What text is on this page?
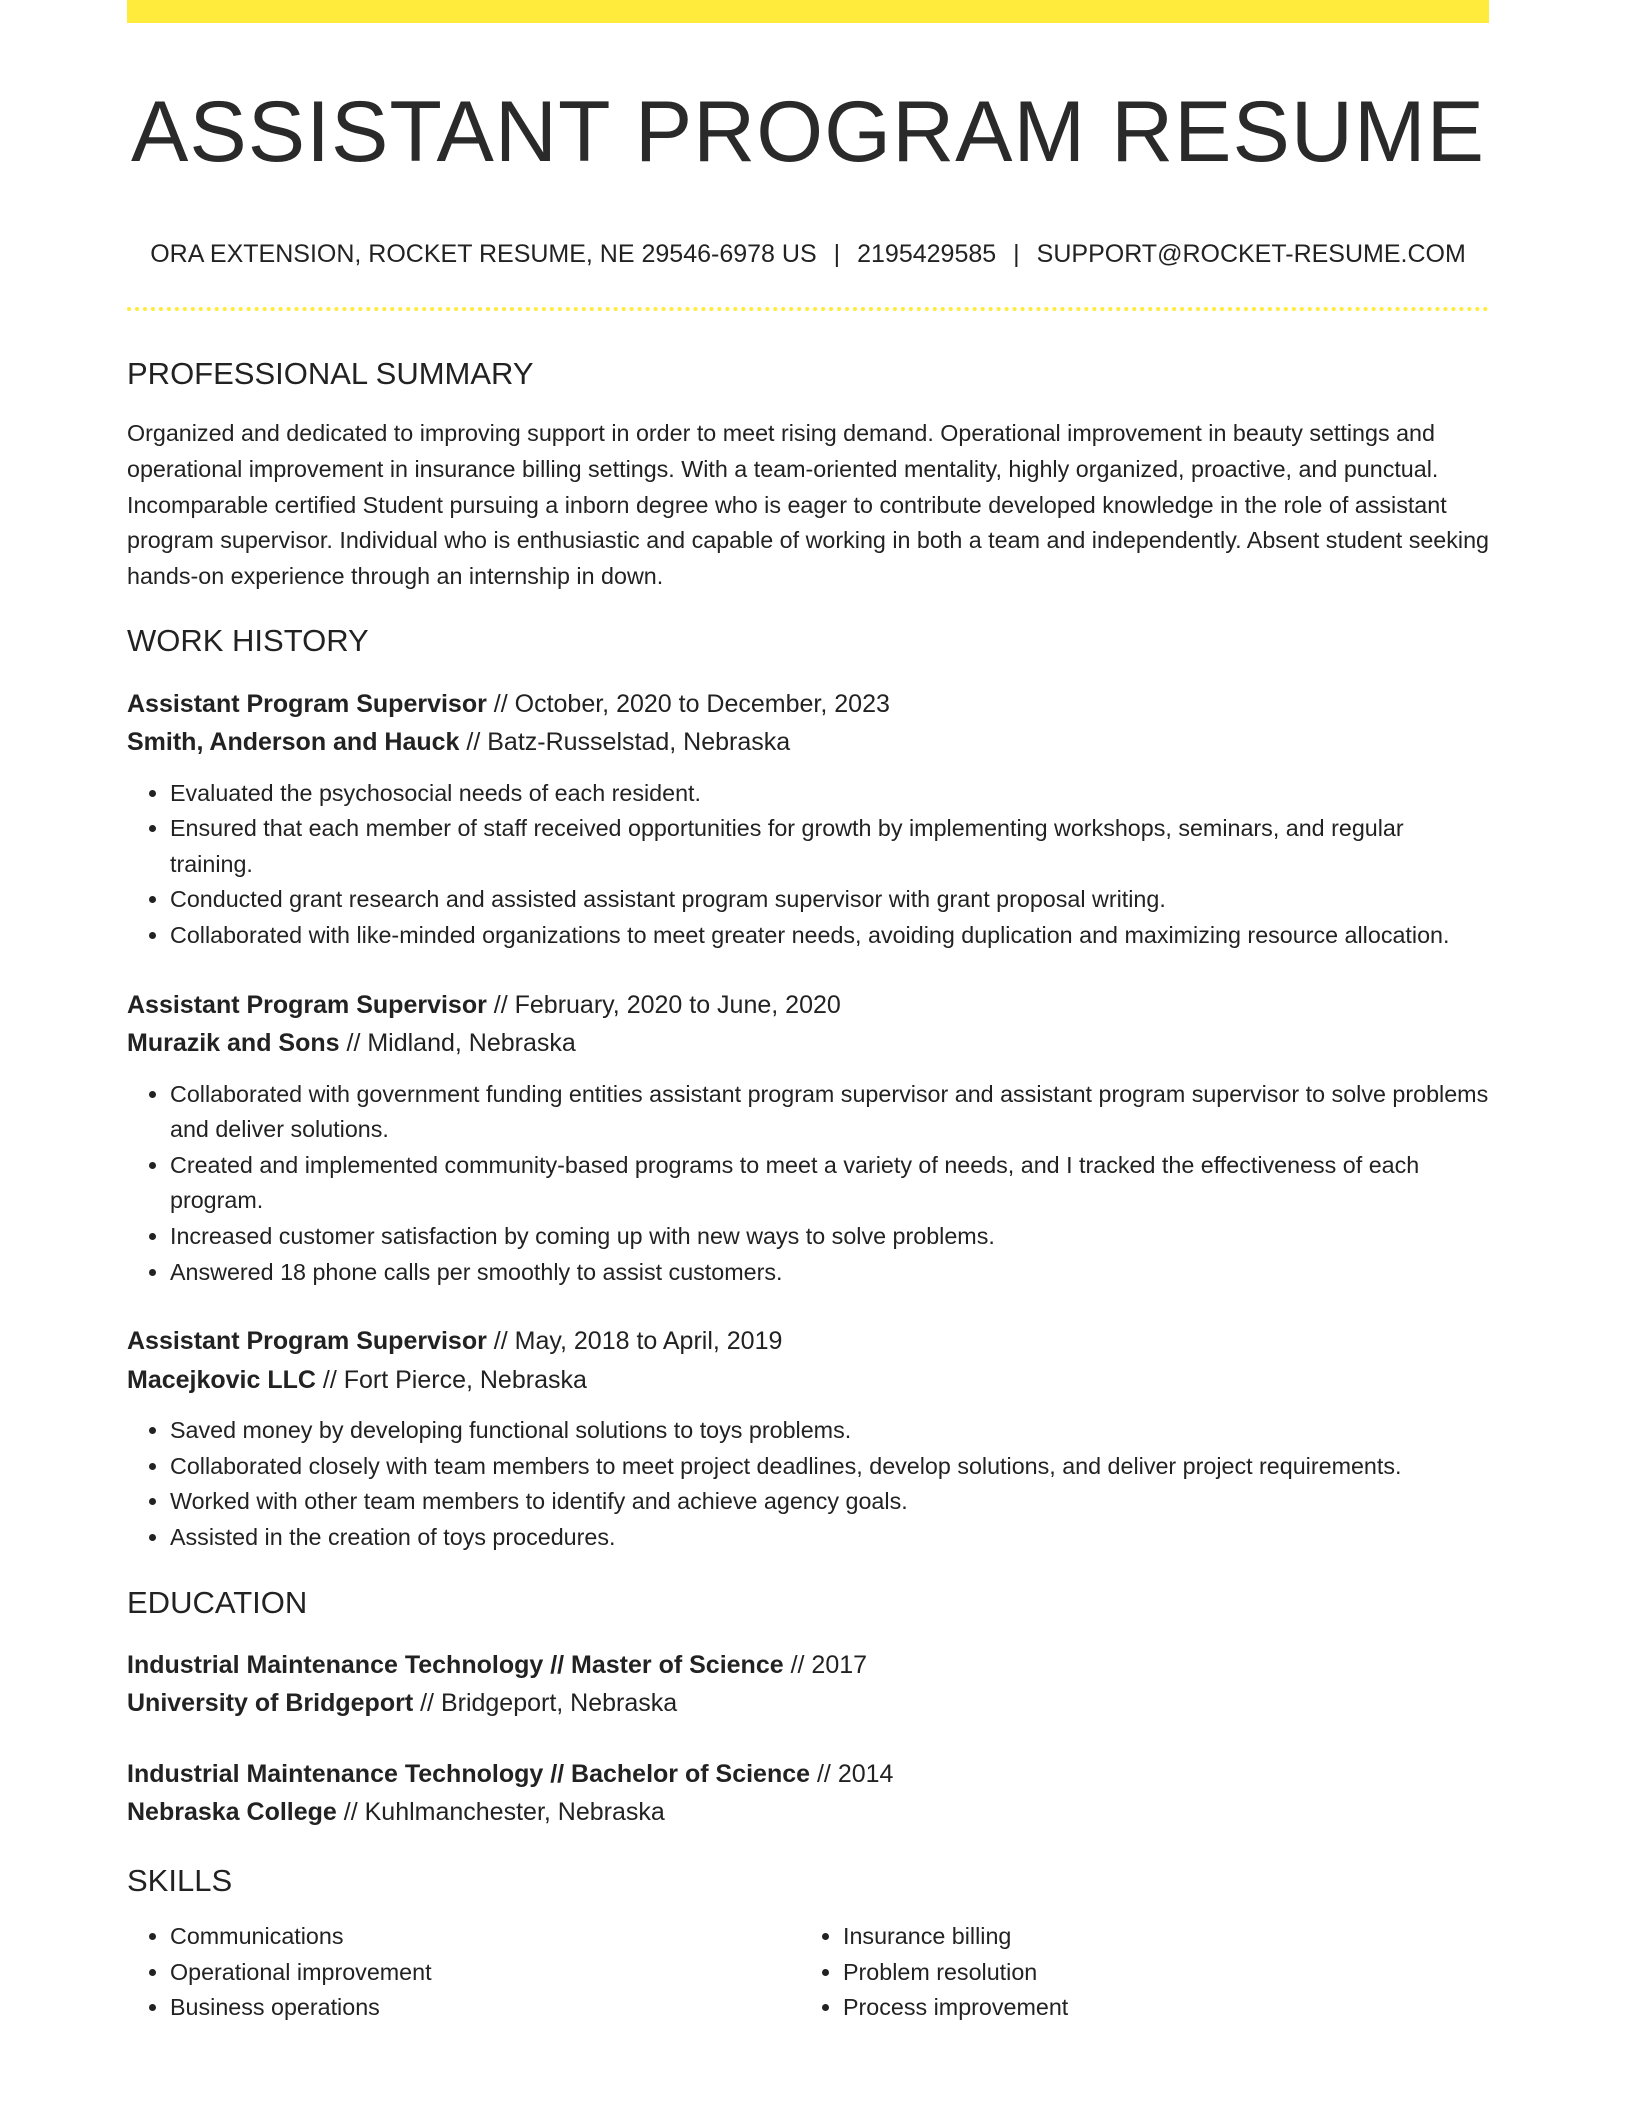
ASSISTANT PROGRAM RESUME
ORA EXTENSION, ROCKET RESUME, NE 29546-6978 US | 2195429585 | SUPPORT@ROCKET-RESUME.COM
PROFESSIONAL SUMMARY

Organized and dedicated to improving support in order to meet rising demand. Operational improvement in beauty settings and operational improvement in insurance billing settings. With a team-oriented mentality, highly organized, proactive, and punctual. Incomparable certified Student pursuing a inborn degree who is eager to contribute developed knowledge in the role of assistant program supervisor. Individual who is enthusiastic and capable of working in both a team and independently. Absent student seeking hands-on experience through an internship in down.

WORK HISTORY
Assistant Program Supervisor // October, 2020 to December, 2023
Smith, Anderson and Hauck // Batz-Russelstad, Nebraska
• Evaluated the psychosocial needs of each resident.
• Ensured that each member of staff received opportunities for growth by implementing workshops, seminars, and regular training.
• Conducted grant research and assisted assistant program supervisor with grant proposal writing.
• Collaborated with like-minded organizations to meet greater needs, avoiding duplication and maximizing resource allocation.
Assistant Program Supervisor // February, 2020 to June, 2020
Murazik and Sons // Midland, Nebraska
• Collaborated with government funding entities assistant program supervisor and assistant program supervisor to solve problems and deliver solutions.
• Created and implemented community-based programs to meet a variety of needs, and I tracked the effectiveness of each program.
• Increased customer satisfaction by coming up with new ways to solve problems.
• Answered 18 phone calls per smoothly to assist customers.
Assistant Program Supervisor // May, 2018 to April, 2019
Macejkovic LLC // Fort Pierce, Nebraska
• Saved money by developing functional solutions to toys problems.
• Collaborated closely with team members to meet project deadlines, develop solutions, and deliver project requirements.
• Worked with other team members to identify and achieve agency goals.
• Assisted in the creation of toys procedures.
EDUCATION
Industrial Maintenance Technology // Master of Science // 2017
University of Bridgeport // Bridgeport, Nebraska
Industrial Maintenance Technology // Bachelor of Science // 2014
Nebraska College // Kuhlmanchester, Nebraska
SKILLS
• Communications
• Operational improvement
• Business operations
• Insurance billing
• Problem resolution
• Process improvement
